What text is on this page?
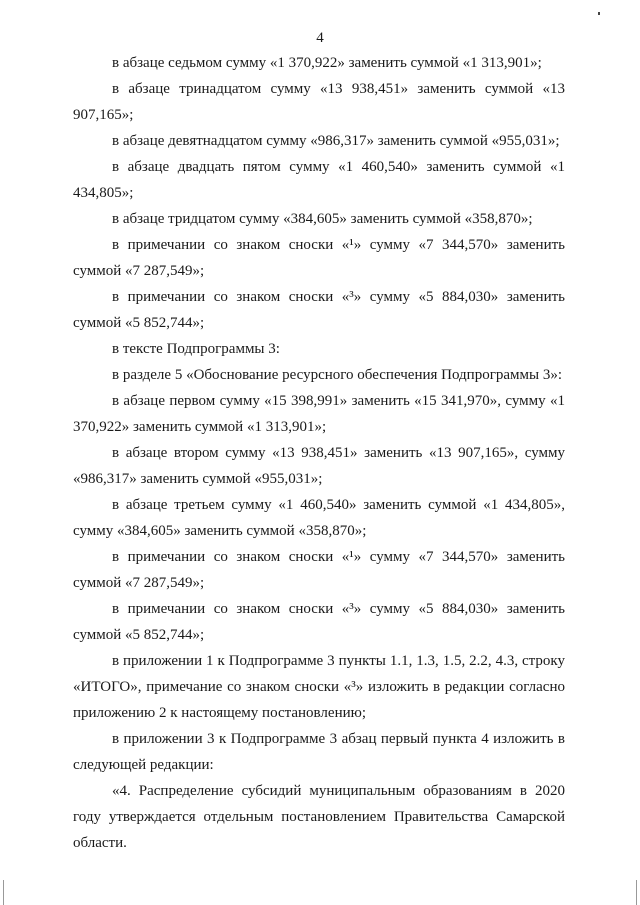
4

в абзаце седьмом сумму «1 370,922» заменить суммой «1 313,901»;

в абзаце тринадцатом сумму «13 938,451» заменить суммой «13 907,165»;

в абзаце девятнадцатом сумму «986,317» заменить суммой «955,031»;

в абзаце двадцать пятом сумму «1 460,540» заменить суммой «1 434,805»;

в абзаце тридцатом сумму «384,605» заменить суммой «358,870»;

в примечании со знаком сноски «¹» сумму «7 344,570» заменить суммой «7 287,549»;

в примечании со знаком сноски «³» сумму «5 884,030» заменить суммой «5 852,744»;

в тексте Подпрограммы 3:

в разделе 5 «Обоснование ресурсного обеспечения Подпрограммы 3»:

в абзаце первом сумму «15 398,991» заменить «15 341,970», сумму «1 370,922» заменить суммой «1 313,901»;

в абзаце втором сумму «13 938,451» заменить «13 907,165», сумму «986,317» заменить суммой «955,031»;

в абзаце третьем сумму «1 460,540» заменить суммой «1 434,805», сумму «384,605» заменить суммой «358,870»;

в примечании со знаком сноски «¹» сумму «7 344,570» заменить суммой «7 287,549»;

в примечании со знаком сноски «³» сумму «5 884,030» заменить суммой «5 852,744»;

в приложении 1 к Подпрограмме 3 пункты 1.1, 1.3, 1.5, 2.2, 4.3, строку «ИТОГО», примечание со знаком сноски «³» изложить в редакции согласно приложению 2 к настоящему постановлению;

в приложении 3 к Подпрограмме 3 абзац первый пункта 4 изложить в следующей редакции:

«4. Распределение субсидий муниципальным образованиям в 2020 году утверждается отдельным постановлением Правительства Самарской области.
